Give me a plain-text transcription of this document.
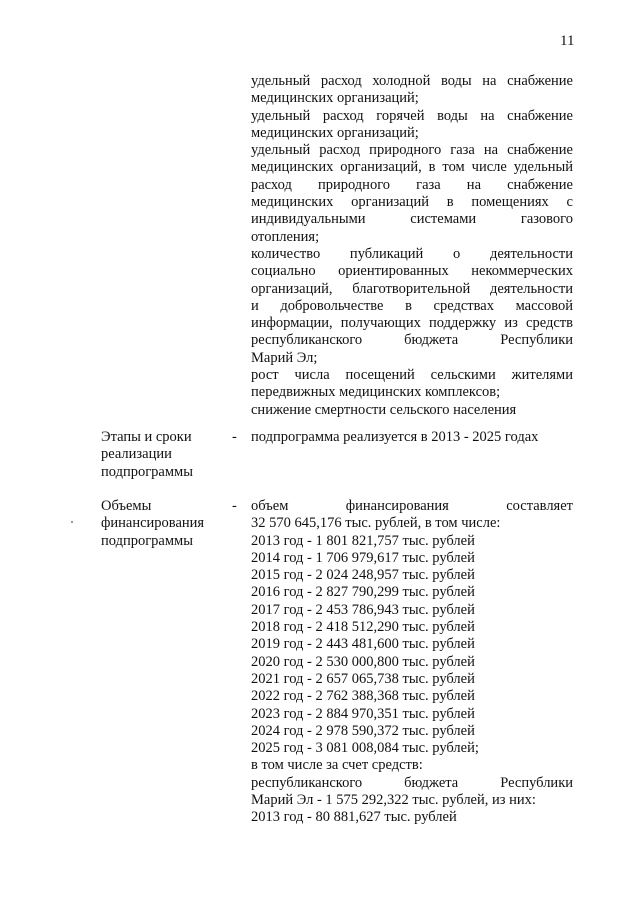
11
удельный расход холодной воды на снабжение
медицинских организаций;
удельный расход горячей воды на снабжение
медицинских организаций;
удельный расход природного газа на снабжение
медицинских организаций, в том числе удельный
расход природного газа на снабжение
медицинских организаций в помещениях с
индивидуальными системами газового
отопления;
количество публикаций о деятельности
социально ориентированных некоммерческих
организаций, благотворительной деятельности
и добровольчестве в средствах массовой
информации, получающих поддержку из средств
республиканского бюджета Республики
Марий Эл;
рост числа посещений сельскими жителями
передвижных медицинских комплексов;
снижение смертности сельского населения
Этапы и сроки
реализации
подпрограммы
- подпрограмма реализуется в 2013 - 2025 годах
Объемы
финансирования
подпрограммы
- объем финансирования составляет
32 570 645,176 тыс. рублей, в том числе:
2013 год - 1 801 821,757 тыс. рублей
2014 год - 1 706 979,617 тыс. рублей
2015 год - 2 024 248,957 тыс. рублей
2016 год - 2 827 790,299 тыс. рублей
2017 год - 2 453 786,943 тыс. рублей
2018 год - 2 418 512,290 тыс. рублей
2019 год - 2 443 481,600 тыс. рублей
2020 год - 2 530 000,800 тыс. рублей
2021 год - 2 657 065,738 тыс. рублей
2022 год - 2 762 388,368 тыс. рублей
2023 год - 2 884 970,351 тыс. рублей
2024 год - 2 978 590,372 тыс. рублей
2025 год - 3 081 008,084 тыс. рублей;
в том числе за счет средств:
республиканского бюджета Республики
Марий Эл - 1 575 292,322 тыс. рублей, из них:
2013 год - 80 881,627 тыс. рублей
